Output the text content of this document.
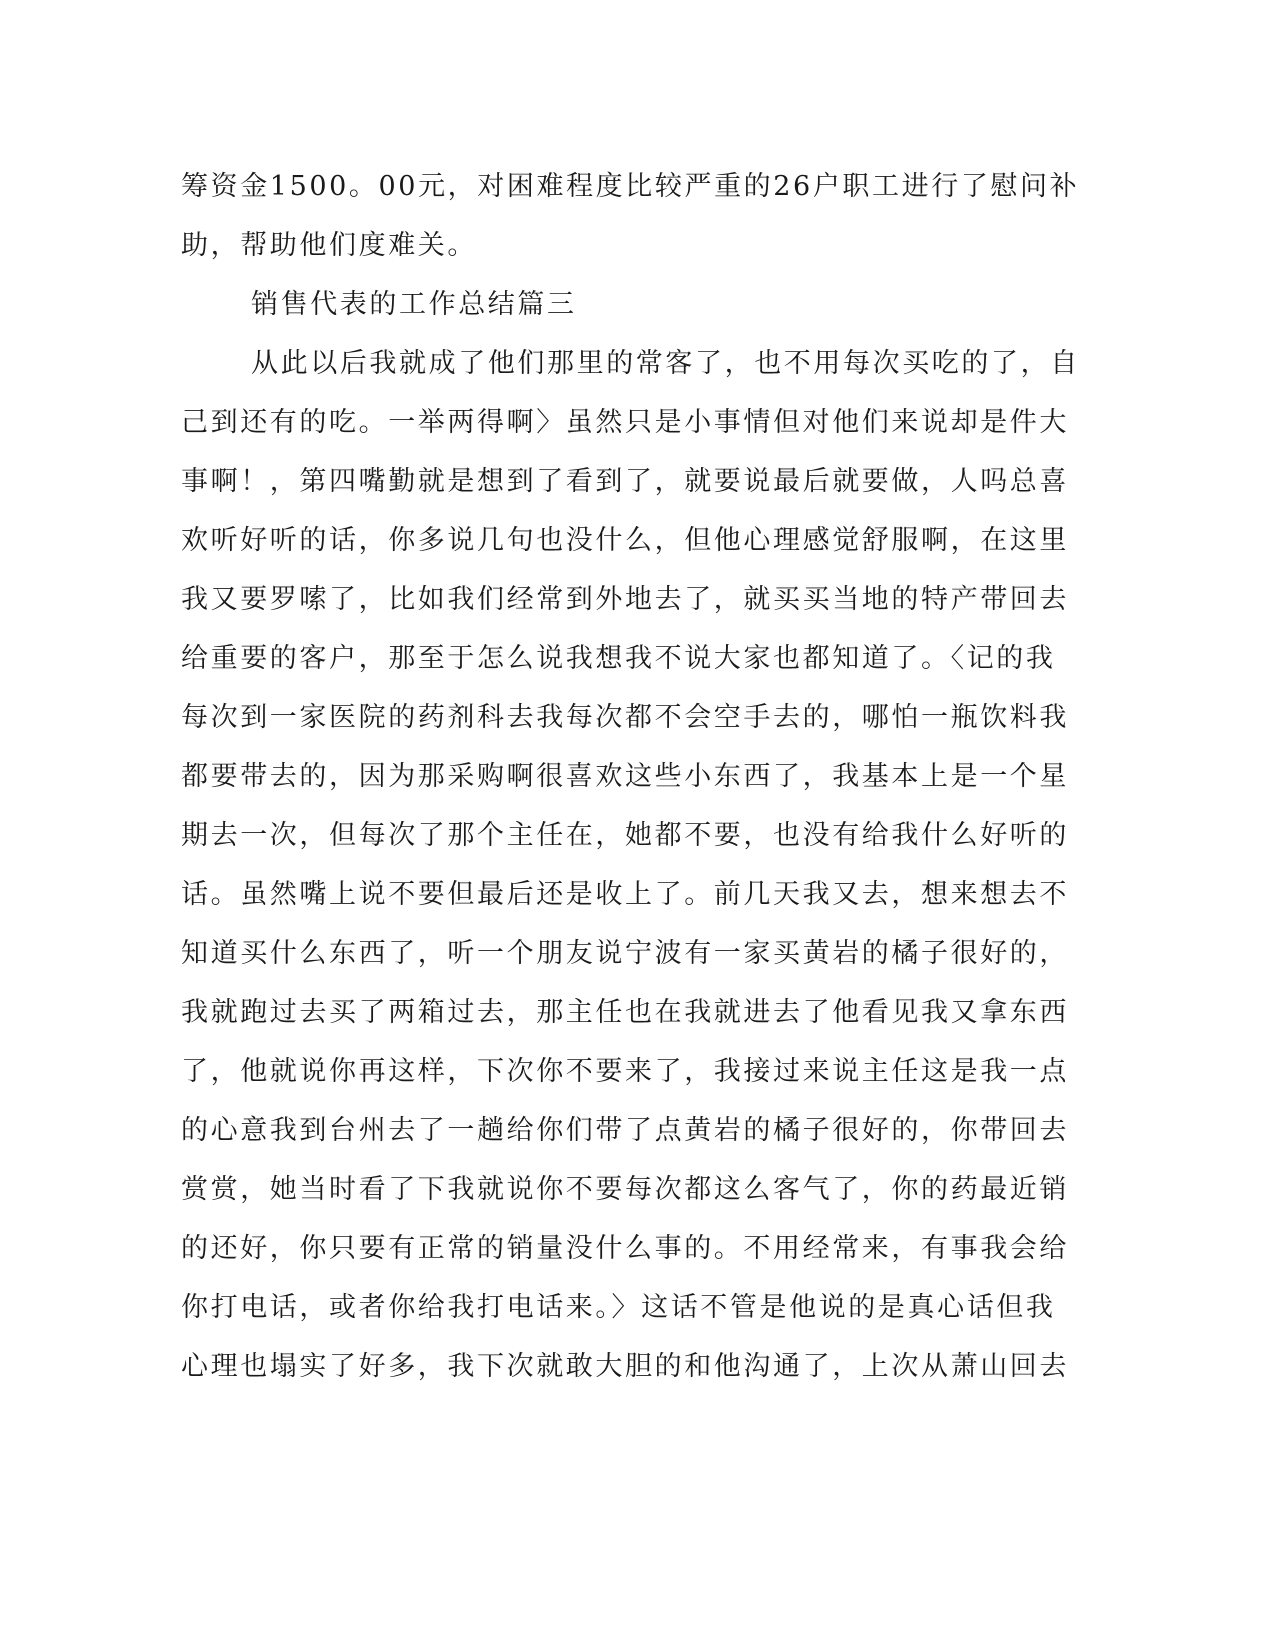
筹资金1500。00元，对困难程度比较严重的26户职工进行了慰问补
助，帮助他们度难关。
销售代表的工作总结篇三
从此以后我就成了他们那里的常客了，也不用每次买吃的了，自
己到还有的吃。一举两得啊〉虽然只是小事情但对他们来说却是件大
事啊！，第四嘴勤就是想到了看到了，就要说最后就要做，人吗总喜
欢听好听的话，你多说几句也没什么，但他心理感觉舒服啊，在这里
我又要罗嗦了，比如我们经常到外地去了，就买买当地的特产带回去
给重要的客户，那至于怎么说我想我不说大家也都知道了。〈记的我
每次到一家医院的药剂科去我每次都不会空手去的，哪怕一瓶饮料我
都要带去的，因为那采购啊很喜欢这些小东西了，我基本上是一个星
期去一次，但每次了那个主任在，她都不要，也没有给我什么好听的
话。虽然嘴上说不要但最后还是收上了。前几天我又去，想来想去不
知道买什么东西了，听一个朋友说宁波有一家买黄岩的橘子很好的，
我就跑过去买了两箱过去，那主任也在我就进去了他看见我又拿东西
了，他就说你再这样，下次你不要来了，我接过来说主任这是我一点
的心意我到台州去了一趟给你们带了点黄岩的橘子很好的，你带回去
赏赏，她当时看了下我就说你不要每次都这么客气了，你的药最近销
的还好，你只要有正常的销量没什么事的。不用经常来，有事我会给
你打电话，或者你给我打电话来。〉这话不管是他说的是真心话但我
心理也塌实了好多，我下次就敢大胆的和他沟通了，上次从萧山回去
